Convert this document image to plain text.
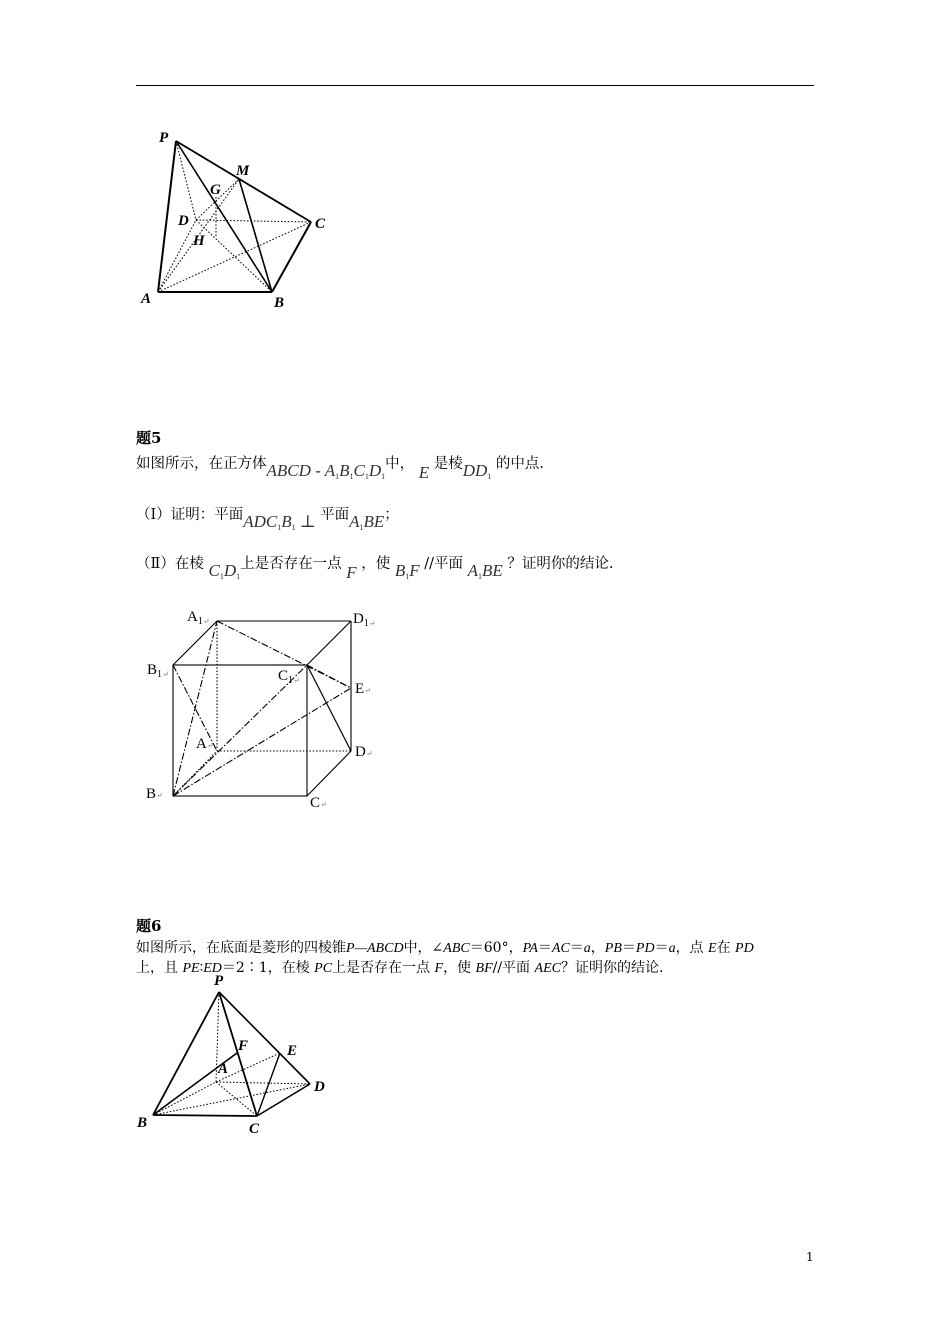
P
M
G
D	C
H
A	B
题5
如图所示，在正方体ABCD - $A_1B_1C_1D_1$中， E 是棱$DD_1$ 的中点.
（Ⅰ）证明：平面$ADC_1B_1$ ⊥ 平面$A_1BE$；
（Ⅱ）在棱 $C_1D_1$上是否存在一点 F ，使 $B_1F$ //平面 $A_1BE$ ？证明你的结论.
$A_1↵$	$D_1↵$
$B_1↵$	$C_1↵$
E↵
A↵	D↵
B↵	C↵
题6
如图所示，在底面是菱形的四棱锥P—ABCD中，∠ABC＝60°，PA＝AC＝a，PB＝PD＝a，点 E在 PD
上，且 PE∶ED＝2∶1，在棱 PC上是否存在一点 F，使 BF//平面 AEC？证明你的结论.
P
F	E
A
D
B	C
1
